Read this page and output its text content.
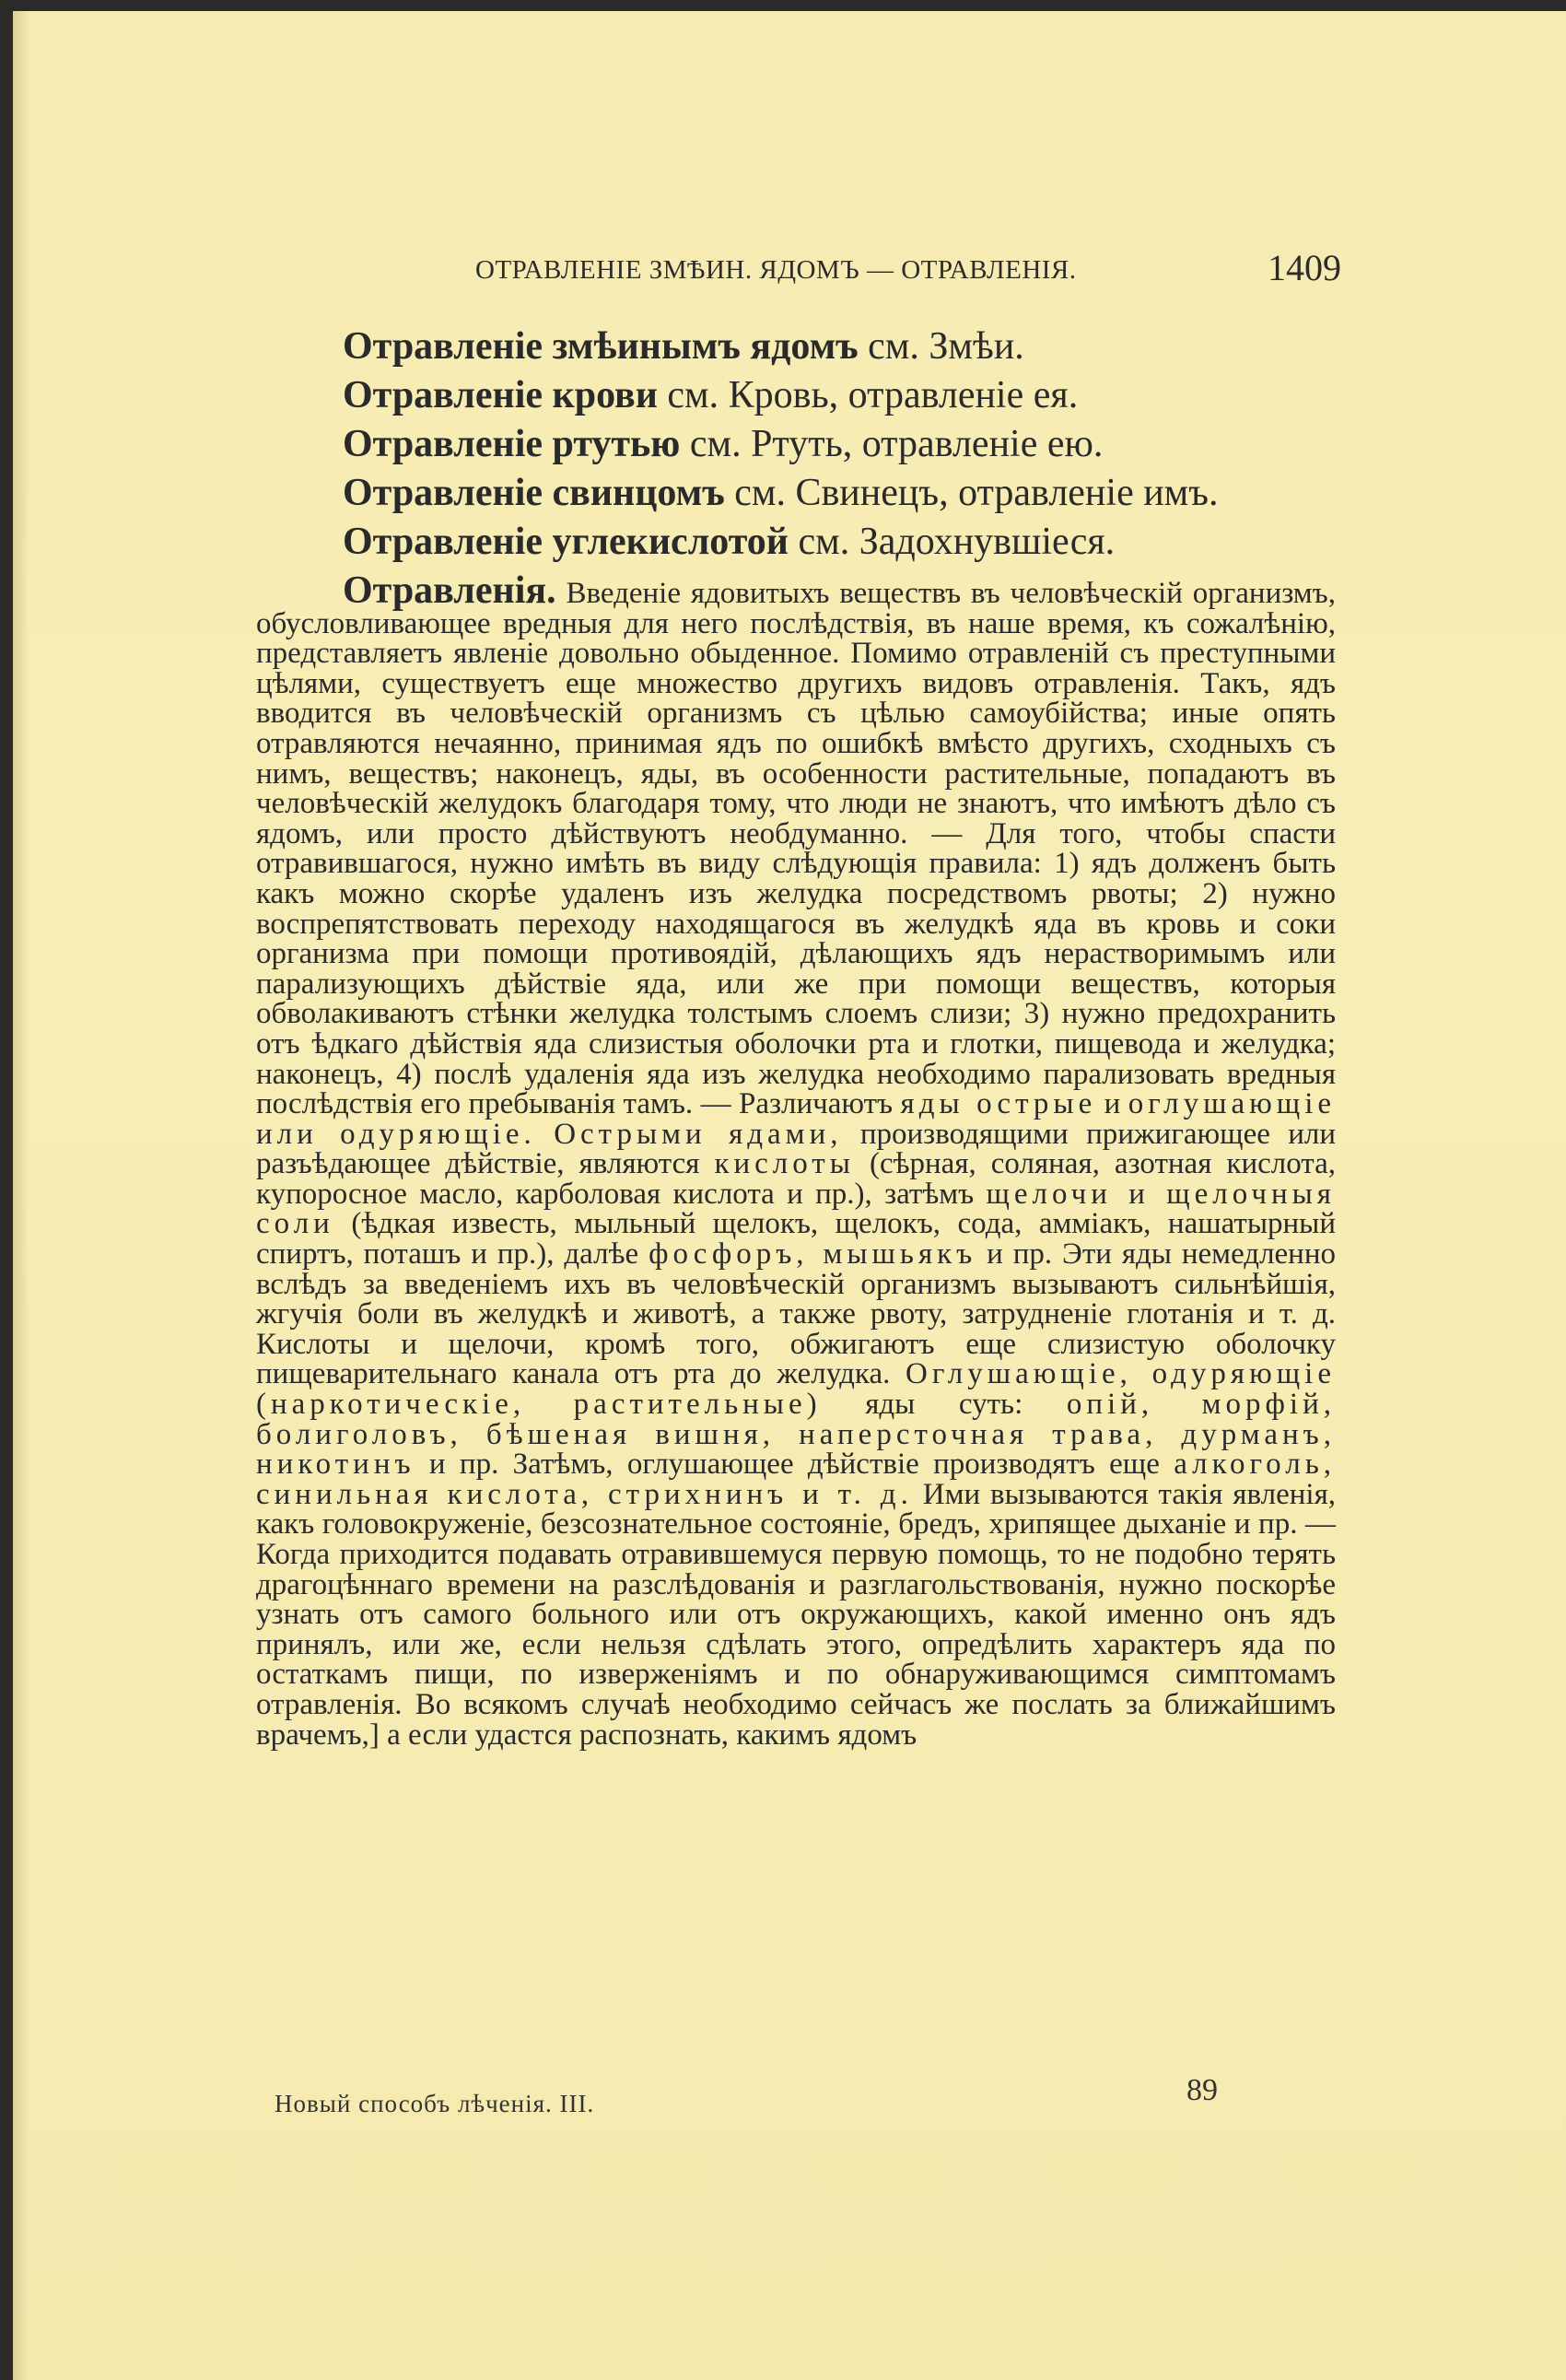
ОТРАВЛЕНІЕ ЗМѢИН. ЯДОМЪ — ОТРАВЛЕНІЯ.	1409
Отравленіе змѣинымъ ядомъ см. Змѣи.
Отравленіе крови см. Кровь, отравленіе ея.
Отравленіе ртутью см. Ртуть, отравленіе ею.
Отравленіе свинцомъ см. Свинецъ, отравленіе имъ.
Отравленіе углекислотой см. Задохнувшіеся.

Отравленія. Введеніе ядовитыхъ веществъ въ человѣческій организмъ, обусловливающее вредныя для него послѣдствія, въ наше время, къ сожалѣнію, представляетъ явленіе довольно обыденное. Помимо отравленій съ преступными цѣлями, существуетъ еще множество другихъ видовъ отравленія. Такъ, ядъ вводится въ человѣческій организмъ съ цѣлью самоубійства; иные опять отравляются нечаянно, принимая ядъ по ошибкѣ вмѣсто другихъ, сходныхъ съ нимъ, веществъ; наконецъ, яды, въ особенности растительные, попадаютъ въ человѣческій желудокъ благодаря тому, что люди не знаютъ, что имѣютъ дѣло съ ядомъ, или просто дѣйствуютъ необдуманно. — Для того, чтобы спасти отравившагося, нужно имѣть въ виду слѣдующія правила: 1) ядъ долженъ быть какъ можно скорѣе удаленъ изъ желудка посредствомъ рвоты; 2) нужно воспрепятствовать переходу находящагося въ желудкѣ яда въ кровь и соки организма при помощи противоядій, дѣлающихъ ядъ нерастворимымъ или парализующихъ дѣйствіе яда, или же при помощи веществъ, которыя обволакиваютъ стѣнки желудка толстымъ слоемъ слизи; 3) нужно предохранить отъ ѣдкаго дѣйствія яда слизистыя оболочки рта и глотки, пищевода и желудка; наконецъ, 4) послѣ удаленія яда изъ желудка необходимо парализовать вредныя послѣдствія его пребыванія тамъ. — Различаютъ яды острые и оглушающіе или одуряющіе. Острыми ядами, производящими прижигающее или разъѣдающее дѣйствіе, являются кислоты (сѣрная, соляная, азотная кислота, купоросное масло, карболовая кислота и пр.), затѣмъ щелочи и щелочныя соли (ѣдкая известь, мыльный щелокъ, щелокъ, сода, амміакъ, нашатырный спиртъ, поташъ и пр.), далѣе фосфоръ, мышьякъ и пр. Эти яды немедленно вслѣдъ за введеніемъ ихъ въ человѣческій организмъ вызываютъ сильнѣйшія, жгучія боли въ желудкѣ и животѣ, а также рвоту, затрудненіе глотанія и т. д. Кислоты и щелочи, кромѣ того, обжигаютъ еще слизистую оболочку пищеварительнаго канала отъ рта до желудка. Оглушающіе, одуряющіе (наркотическіе, растительные) яды суть: опій, морфій, болиголовъ, бѣшеная вишня, наперсточная трава, дурманъ, никотинъ и пр. Затѣмъ, оглушающее дѣйствіе производятъ еще алкоголь, синильная кислота, стрихнинъ и т. д. Ими вызываются такія явленія, какъ головокруженіе, безсознательное состояніе, бредъ, хрипящее дыханіе и пр. — Когда приходится подавать отравившемуся первую помощь, то не подобно терять драгоцѣннаго времени на разслѣдованія и разглагольствованія, нужно поскорѣе узнать отъ самого больного или отъ окружающихъ, какой именно онъ ядъ принялъ, или же, если нельзя сдѣлать этого, опредѣлить характеръ яда по остаткамъ пищи, по изверженіямъ и по обнаруживающимся симптомамъ отравленія. Во всякомъ случаѣ необходимо сейчасъ же послать за ближайшимъ врачемъ,] а если удастся распознать, какимъ ядомъ

Новый способъ лѣченія. III.	89
